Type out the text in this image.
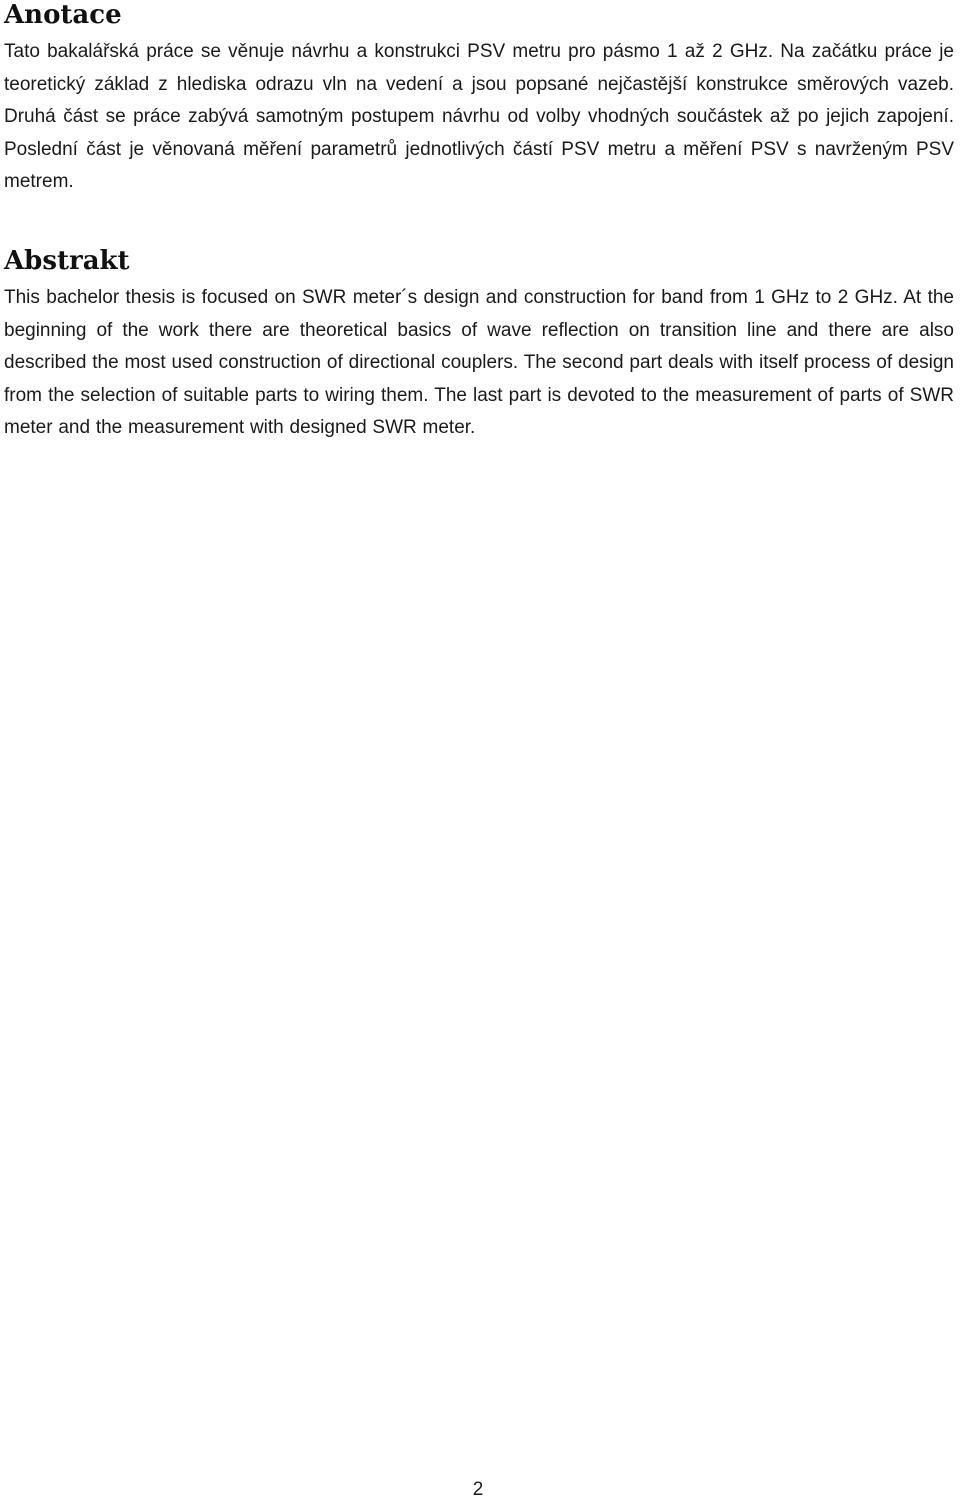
Anotace

Tato bakalářská práce se věnuje návrhu a konstrukci PSV metru pro pásmo 1 až 2 GHz. Na začátku práce je teoretický základ z hlediska odrazu vln na vedení a jsou popsané nejčastější konstrukce směrových vazeb. Druhá část se práce zabývá samotným postupem návrhu od volby vhodných součástek až po jejich zapojení. Poslední část je věnovaná měření parametrů jednotlivých částí PSV metru a měření PSV s navrženým PSV metrem.

Abstrakt

This bachelor thesis is focused on SWR meter´s design and construction for band from 1 GHz to 2 GHz. At the beginning of the work there are theoretical basics of wave reflection on transition line and there are also described the most used construction of directional couplers. The second part deals with itself process of design from the selection of suitable parts to wiring them. The last part is devoted to the measurement of parts of SWR meter and the measurement with designed SWR meter.

2
